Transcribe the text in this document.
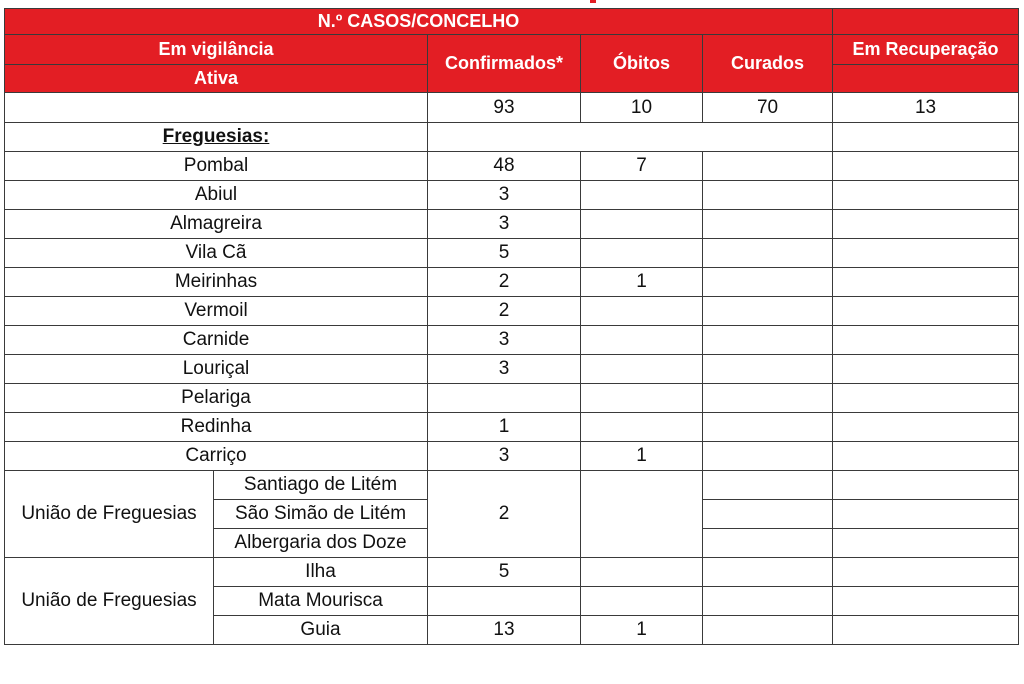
N.º CASOS/CONCELHO					
Em vigilância		Confirmados*	Óbitos	Curados	Em Recuperação
Ativa					
		93	10	70	13
Freguesias:					
Pombal		48	7		
Abiul		3			
Almagreira		3			
Vila Cã		5			
Meirinhas		2	1		
Vermoil		2			
Carnide		3			
Louriçal		3			
Pelariga					
Redinha		1			
Carriço		3	1		
União de Freguesias	Santiago de Litém	2			
	São Simão de Litém				
	Albergaria dos Doze				
União de Freguesias	Ilha	5			
	Mata Mourisca				
	Guia	13	1		
